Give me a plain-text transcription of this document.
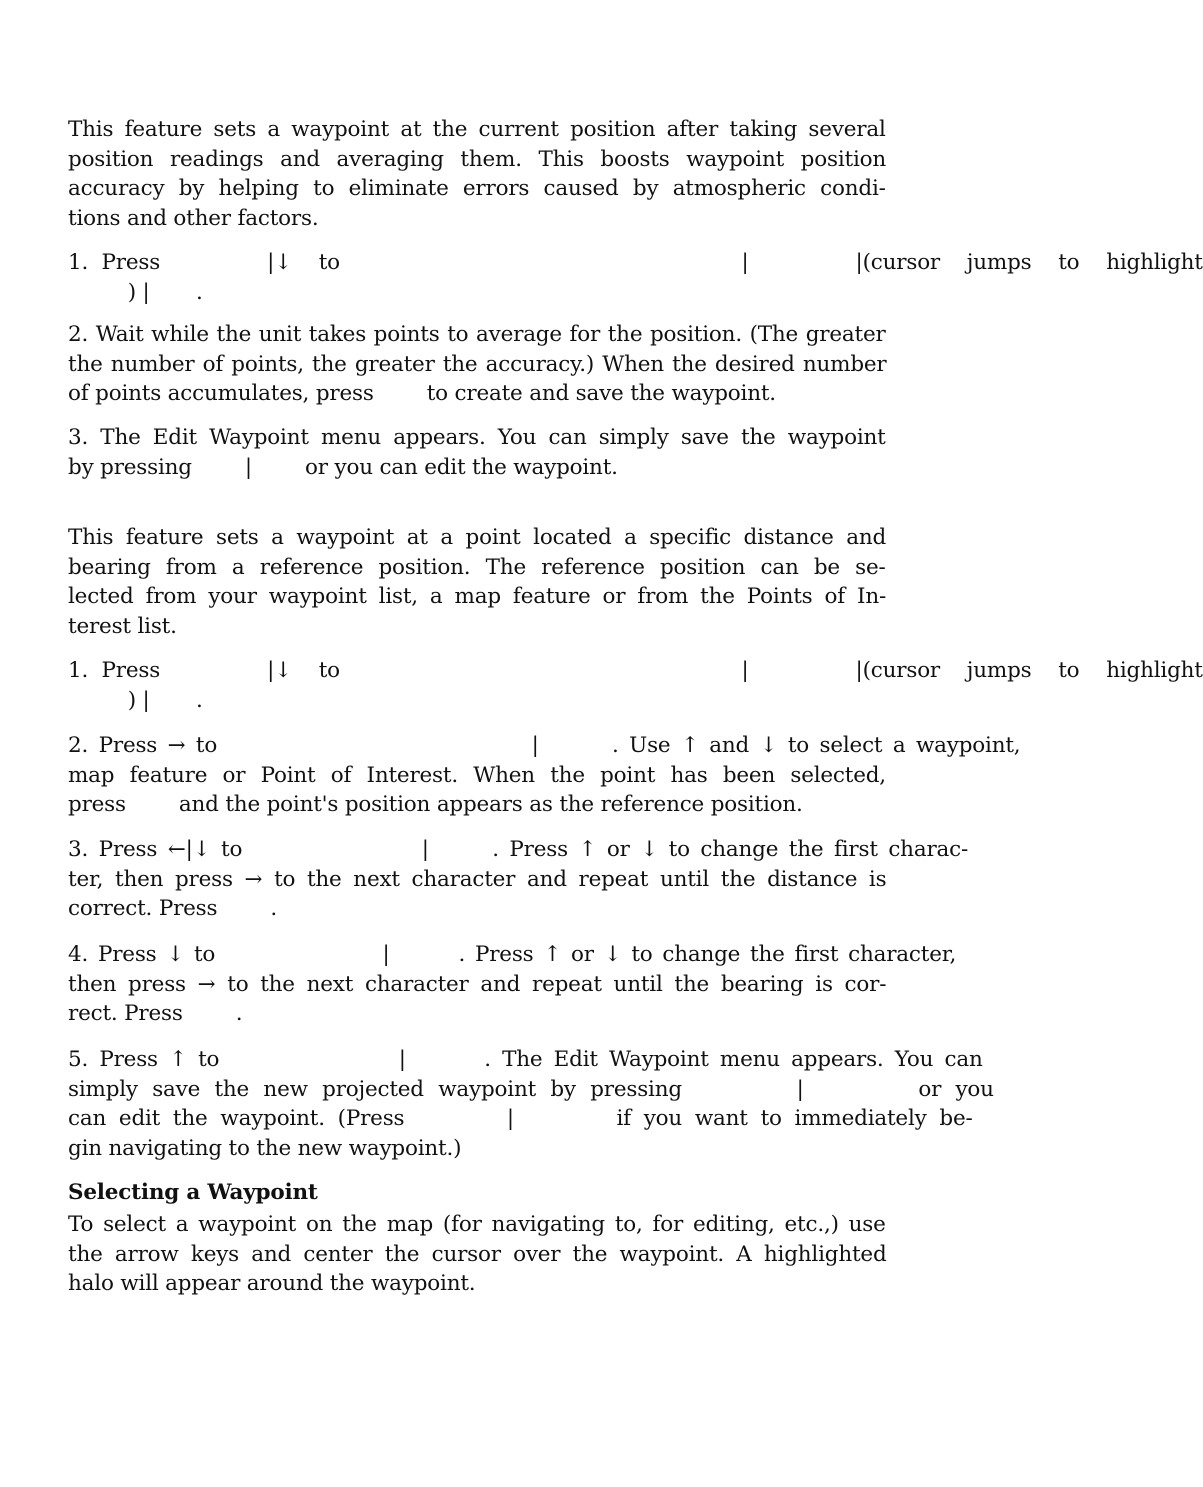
This feature sets a waypoint at the current position after taking several
position readings and averaging them. This boosts waypoint position
accuracy by helping to eliminate errors caused by atmospheric condi-
tions and other factors.
1. Press        |↓  to                              |        |(cursor  jumps  to  highlight
) |       .
2. Wait while the unit takes points to average for the position. (The greater
the number of points, the greater the accuracy.) When the desired number
of points accumulates, press        to create and save the waypoint.
3. The Edit Waypoint menu appears. You can simply save the waypoint
by pressing        |        or you can edit the waypoint.
This feature sets a waypoint at a point located a specific distance and
bearing from a reference position. The reference position can be se-
lected from your waypoint list, a map feature or from the Points of In-
terest list.
1. Press        |↓  to                              |        |(cursor  jumps  to  highlight
) |       .
2. Press → to                              |       . Use ↑ and ↓ to select a waypoint,
map feature or Point of Interest. When the point has been selected,
press        and the point's position appears as the reference position.
3. Press ←|↓ to                 |      . Press ↑ or ↓ to change the first charac-
ter, then press → to the next character and repeat until the distance is
correct. Press        .
4. Press ↓ to                 |       . Press ↑ or ↓ to change the first character,
then press → to the next character and repeat until the bearing is cor-
rect. Press        .
5. Press ↑ to                |       . The Edit Waypoint menu appears. You can
simply save the new projected waypoint by pressing        |        or you
can edit the waypoint. (Press        |        if you want to immediately be-
gin navigating to the new waypoint.)
Selecting a Waypoint
To select a waypoint on the map (for navigating to, for editing, etc.,) use
the arrow keys and center the cursor over the waypoint. A highlighted
halo will appear around the waypoint.
